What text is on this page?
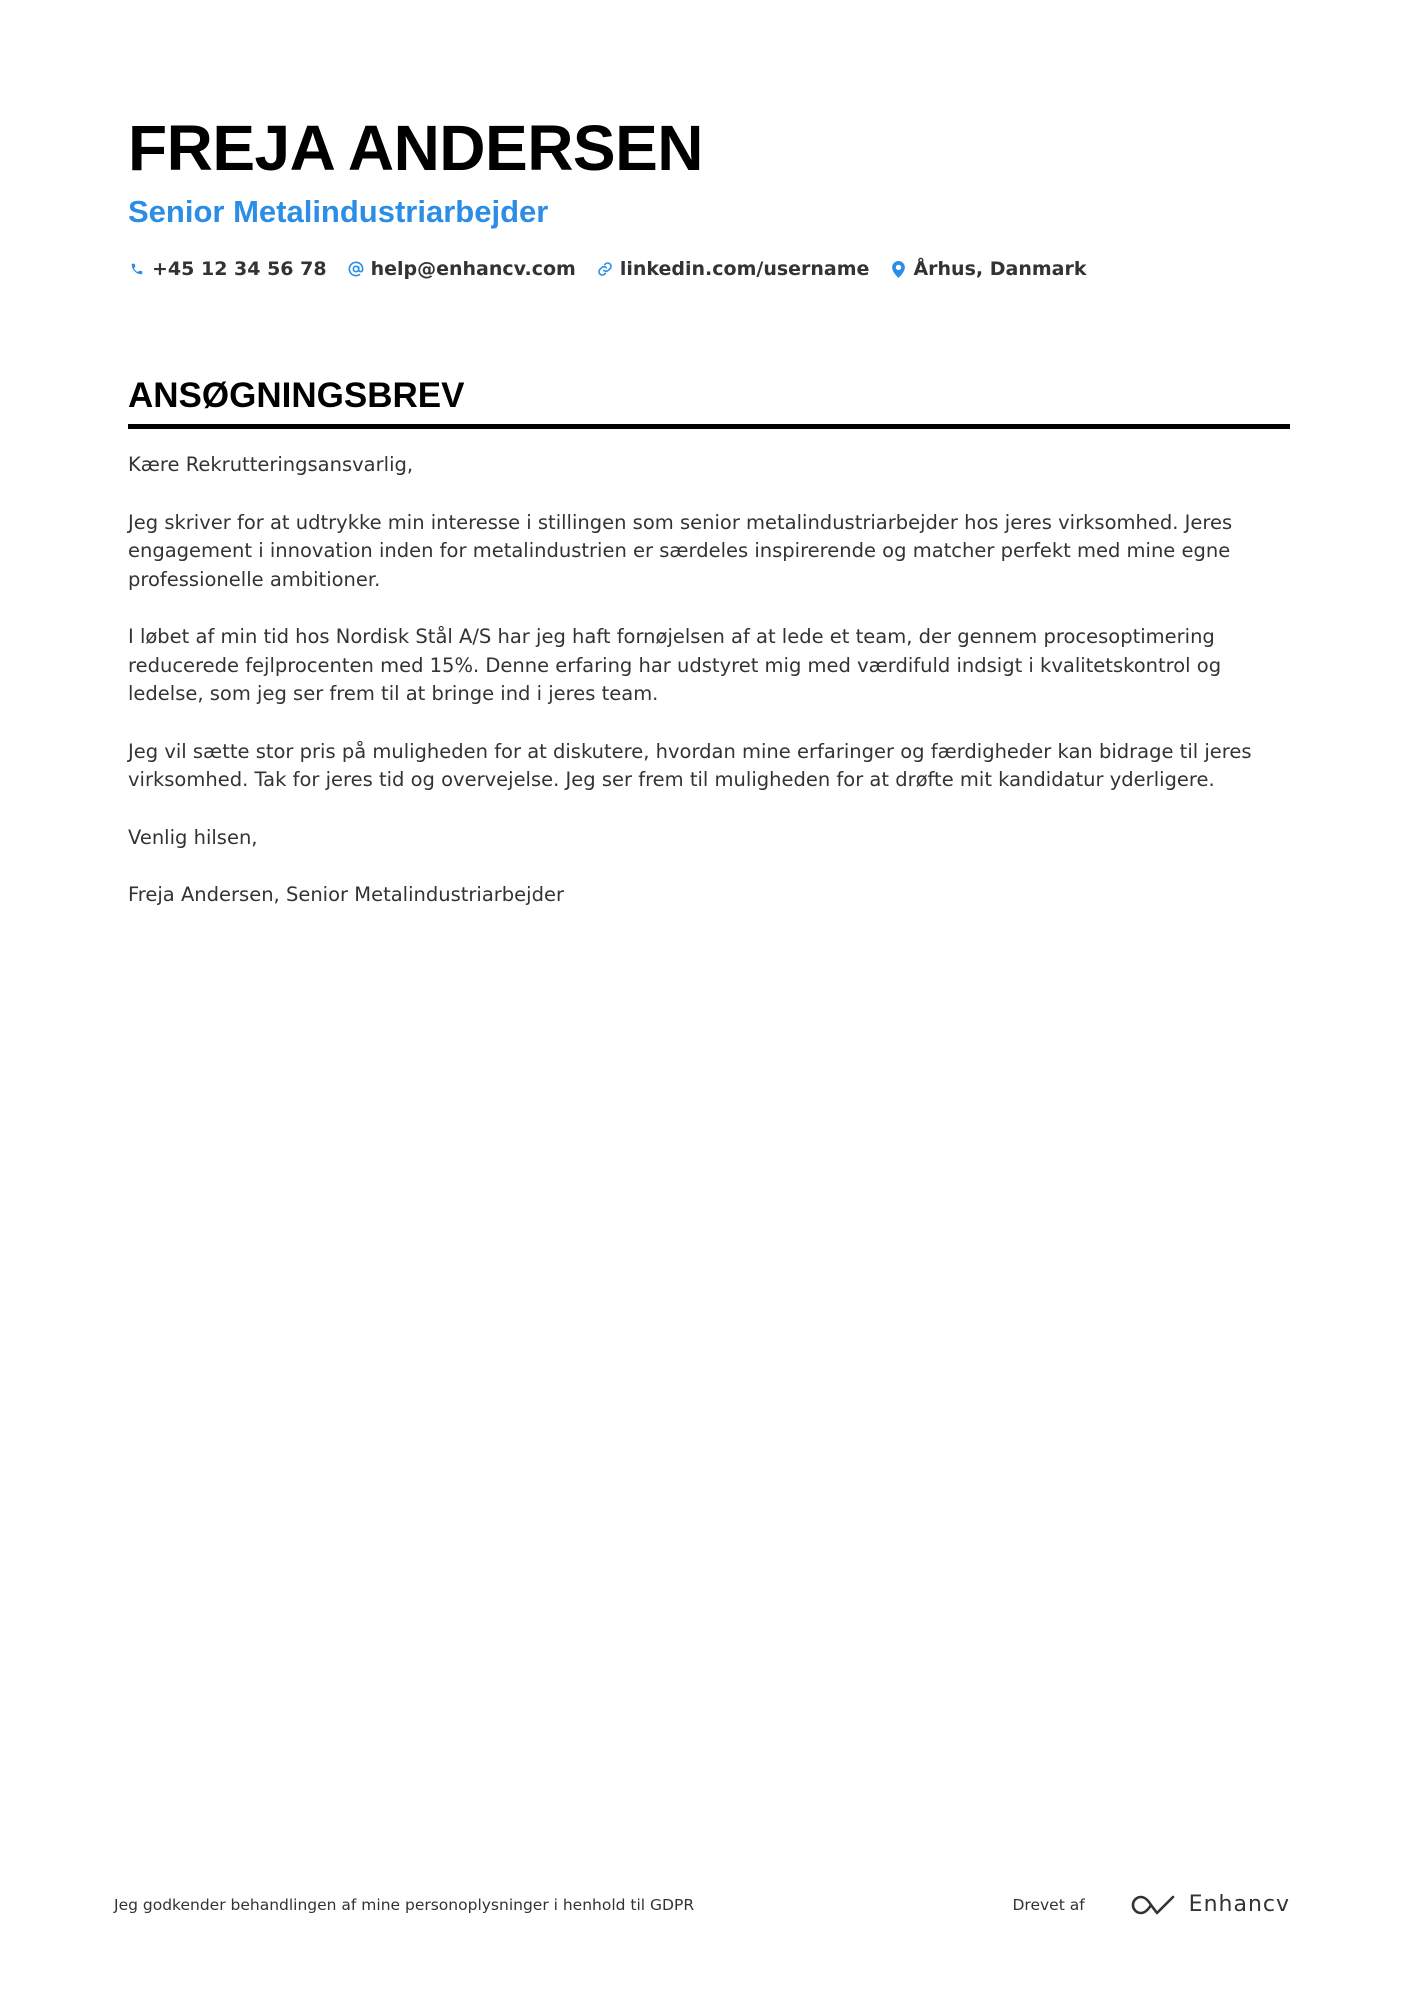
FREJA ANDERSEN
Senior Metalindustriarbejder
+45 12 34 56 78 help@enhancv.com linkedin.com/username Århus, Danmark
ANSØGNINGSBREV

Kære Rekrutteringsansvarlig,

Jeg skriver for at udtrykke min interesse i stillingen som senior metalindustriarbejder hos jeres virksomhed. Jeres engagement i innovation inden for metalindustrien er særdeles inspirerende og matcher perfekt med mine egne professionelle ambitioner.

I løbet af min tid hos Nordisk Stål A/S har jeg haft fornøjelsen af at lede et team, der gennem procesoptimering reducerede fejlprocenten med 15%. Denne erfaring har udstyret mig med værdifuld indsigt i kvalitetskontrol og ledelse, som jeg ser frem til at bringe ind i jeres team.

Jeg vil sætte stor pris på muligheden for at diskutere, hvordan mine erfaringer og færdigheder kan bidrage til jeres virksomhed. Tak for jeres tid og overvejelse. Jeg ser frem til muligheden for at drøfte mit kandidatur yderligere.

Venlig hilsen,

Freja Andersen, Senior Metalindustriarbejder

Jeg godkender behandlingen af mine personoplysninger i henhold til GDPR	Drevet af	Enhancv
